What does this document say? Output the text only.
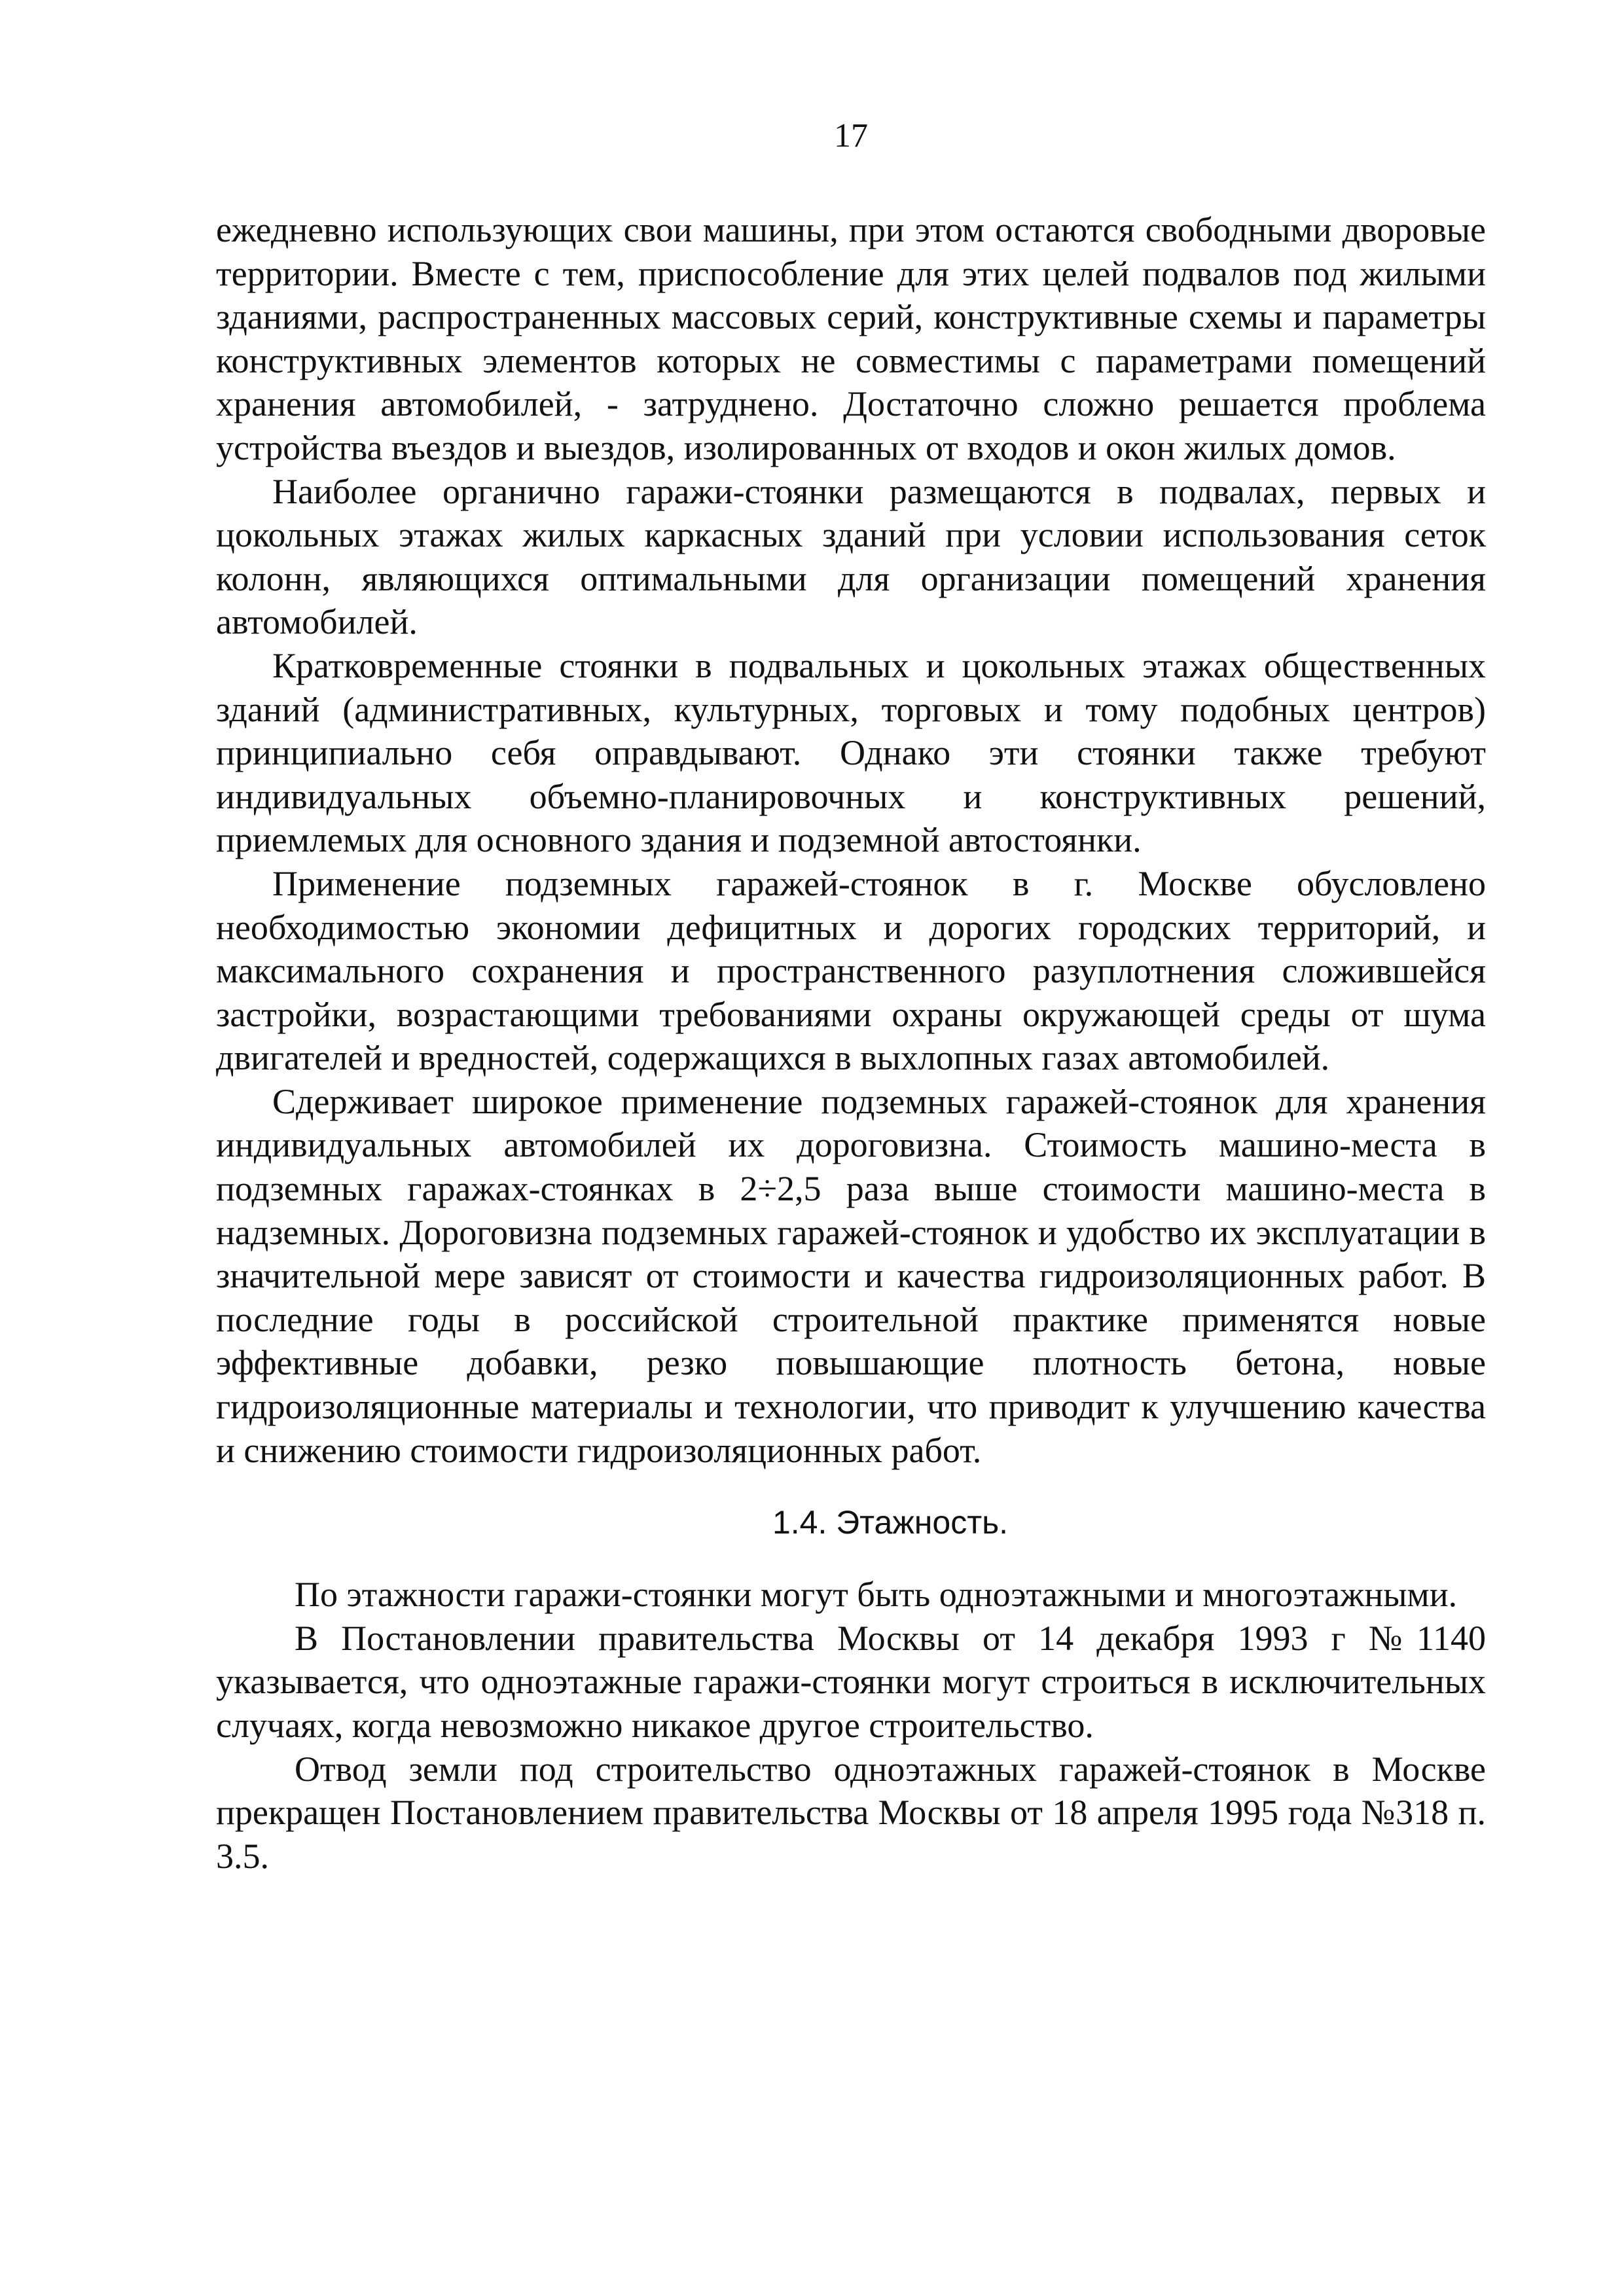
17

ежедневно использующих свои машины, при этом остаются свободными дворовые территории. Вместе с тем, приспособление для этих целей подвалов под жилыми зданиями, распространенных массовых серий, конструктивные схемы и параметры конструктивных элементов которых не совместимы с параметрами помещений хранения автомобилей, - затруднено. Достаточно сложно решается проблема устройства въездов и выездов, изолированных от входов и окон жилых домов.

Наиболее органично гаражи-стоянки размещаются в подвалах, первых и цокольных этажах жилых каркасных зданий при условии использования сеток колонн, являющихся оптимальными для организации помещений хранения автомобилей.

Кратковременные стоянки в подвальных и цокольных этажах общественных зданий (административных, культурных, торговых и тому подобных центров) принципиально себя оправдывают. Однако эти стоянки также требуют индивидуальных объемно-планировочных и конструктивных решений, приемлемых для основного здания и подземной автостоянки.

Применение подземных гаражей-стоянок в г. Москве обусловлено необходимостью экономии дефицитных и дорогих городских территорий, и максимального сохранения и пространственного разуплотнения сложившейся застройки, возрастающими требованиями охраны окружающей среды от шума двигателей и вредностей, содержащихся в выхлопных газах автомобилей.

Сдерживает широкое применение подземных гаражей-стоянок для хранения индивидуальных автомобилей их дороговизна. Стоимость машино-места в подземных гаражах-стоянках в 2÷2,5 раза выше стоимости машино-места в надземных. Дороговизна подземных гаражей-стоянок и удобство их эксплуатации в значительной мере зависят от стоимости и качества гидроизоляционных работ. В последние годы в российской строительной практике применятся новые эффективные добавки, резко повышающие плотность бетона, новые гидроизоляционные материалы и технологии, что приводит к улучшению качества и снижению стоимости гидроизоляционных работ.

1.4. Этажность.

По этажности гаражи-стоянки могут быть одноэтажными и многоэтажными.

В Постановлении правительства Москвы от 14 декабря 1993 г №1140 указывается, что одноэтажные гаражи-стоянки могут строиться в исключительных случаях, когда невозможно никакое другое строительство.

Отвод земли под строительство одноэтажных гаражей-стоянок в Москве прекращен Постановлением правительства Москвы от 18 апреля 1995 года №318 п. 3.5.
